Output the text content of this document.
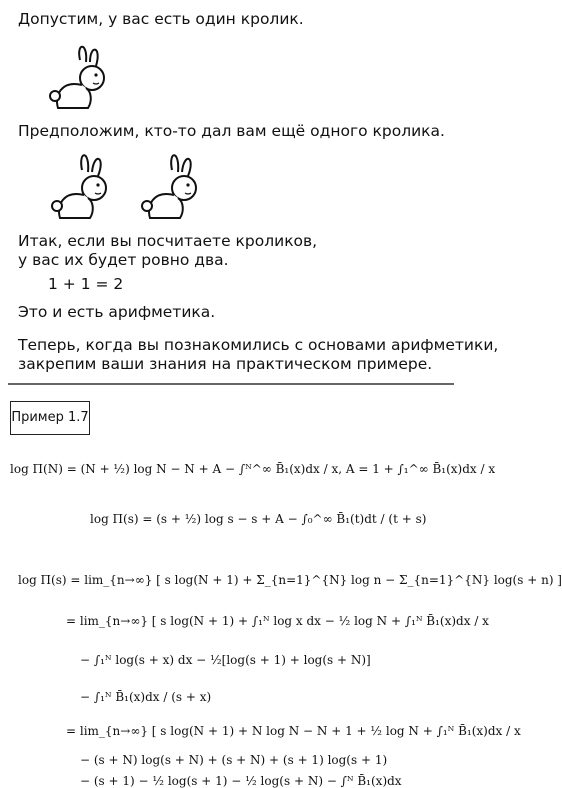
Допустим, у вас есть один кролик.
Предположим, кто-то дал вам ещё одного кролика.
Итак, если вы посчитаете кроликов,
у вас их будет ровно два.
1 + 1 = 2
Это и есть арифметика.
Теперь, когда вы познакомились с основами арифметики,
закрепим ваши знания на практическом примере.
Пример 1.7
log Π(N) = (N + ½) log N − N + A − ∫ᴺ^∞ B̄₁(x)dx / x, A = 1 + ∫₁^∞ B̄₁(x)dx / x
log Π(s) = (s + ½) log s − s + A − ∫₀^∞ B̄₁(t)dt / (t + s)
log Π(s) = lim_{n→∞} [ s log(N + 1) + Σ_{n=1}^{N} log n − Σ_{n=1}^{N} log(s + n) ]
= lim_{n→∞} [ s log(N + 1) + ∫₁ᴺ log x dx − ½ log N + ∫₁ᴺ B̄₁(x)dx / x
− ∫₁ᴺ log(s + x) dx − ½[log(s + 1) + log(s + N)]
− ∫₁ᴺ B̄₁(x)dx / (s + x)
= lim_{n→∞} [ s log(N + 1) + N log N − N + 1 + ½ log N + ∫₁ᴺ B̄₁(x)dx / x
− (s + N) log(s + N) + (s + N) + (s + 1) log(s + 1)
− (s + 1) − ½ log(s + 1) − ½ log(s + N) − ∫ᴺ B̄₁(x)dx
